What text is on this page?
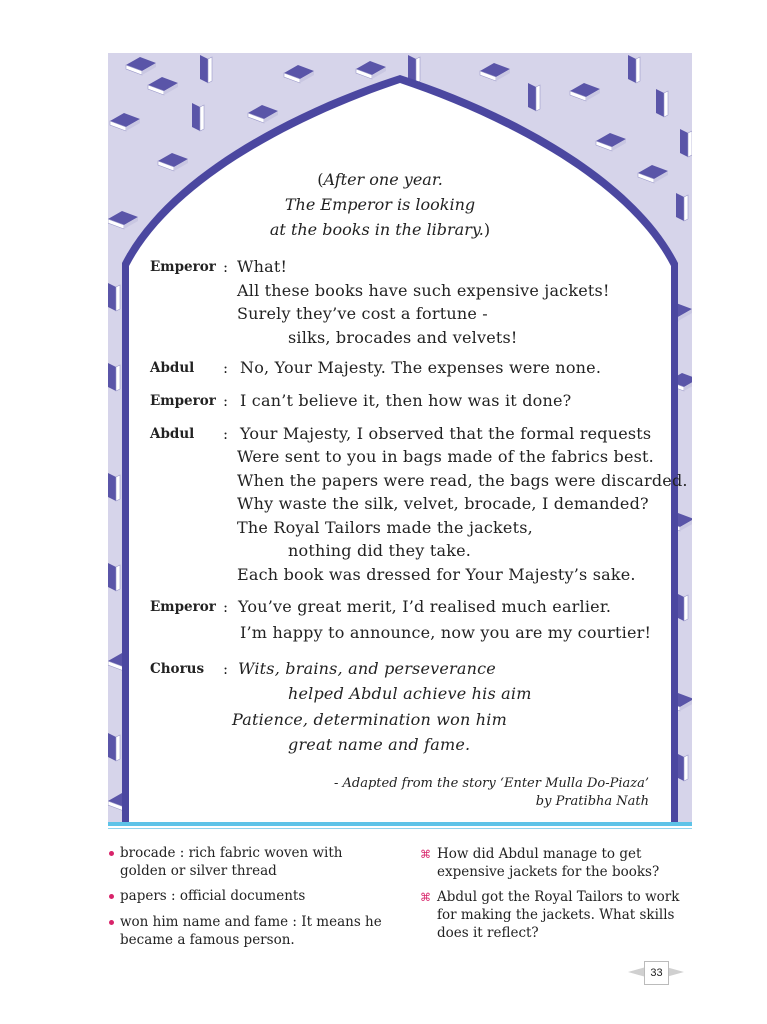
(After one year.
The Emperor is looking
at the books in the library.)
Emperor : What!
All these books have such expensive jackets!
Surely they’ve cost a fortune -
silks, brocades and velvets!
Abdul : No, Your Majesty. The expenses were none.
Emperor : I can’t believe it, then how was it done?
Abdul : Your Majesty, I observed that the formal requests
Were sent to you in bags made of the fabrics best.
When the papers were read, the bags were discarded.
Why waste the silk, velvet, brocade, I demanded?
The Royal Tailors made the jackets,
nothing did they take.
Each book was dressed for Your Majesty’s sake.
Emperor : You’ve great merit, I’d realised much earlier.
I’m happy to announce, now you are my courtier!
Chorus : Wits, brains, and perseverance
helped Abdul achieve his aim
Patience, determination won him
great name and fame.
- Adapted from the story ‘Enter Mulla Do-Piaza’
by Pratibha Nath
brocade : rich fabric woven with
golden or silver thread
papers : official documents
won him name and fame : It means he
became a famous person.
⌘ How did Abdul manage to get
expensive jackets for the books?
⌘ Abdul got the Royal Tailors to work
for making the jackets. What skills
does it reflect?
33
